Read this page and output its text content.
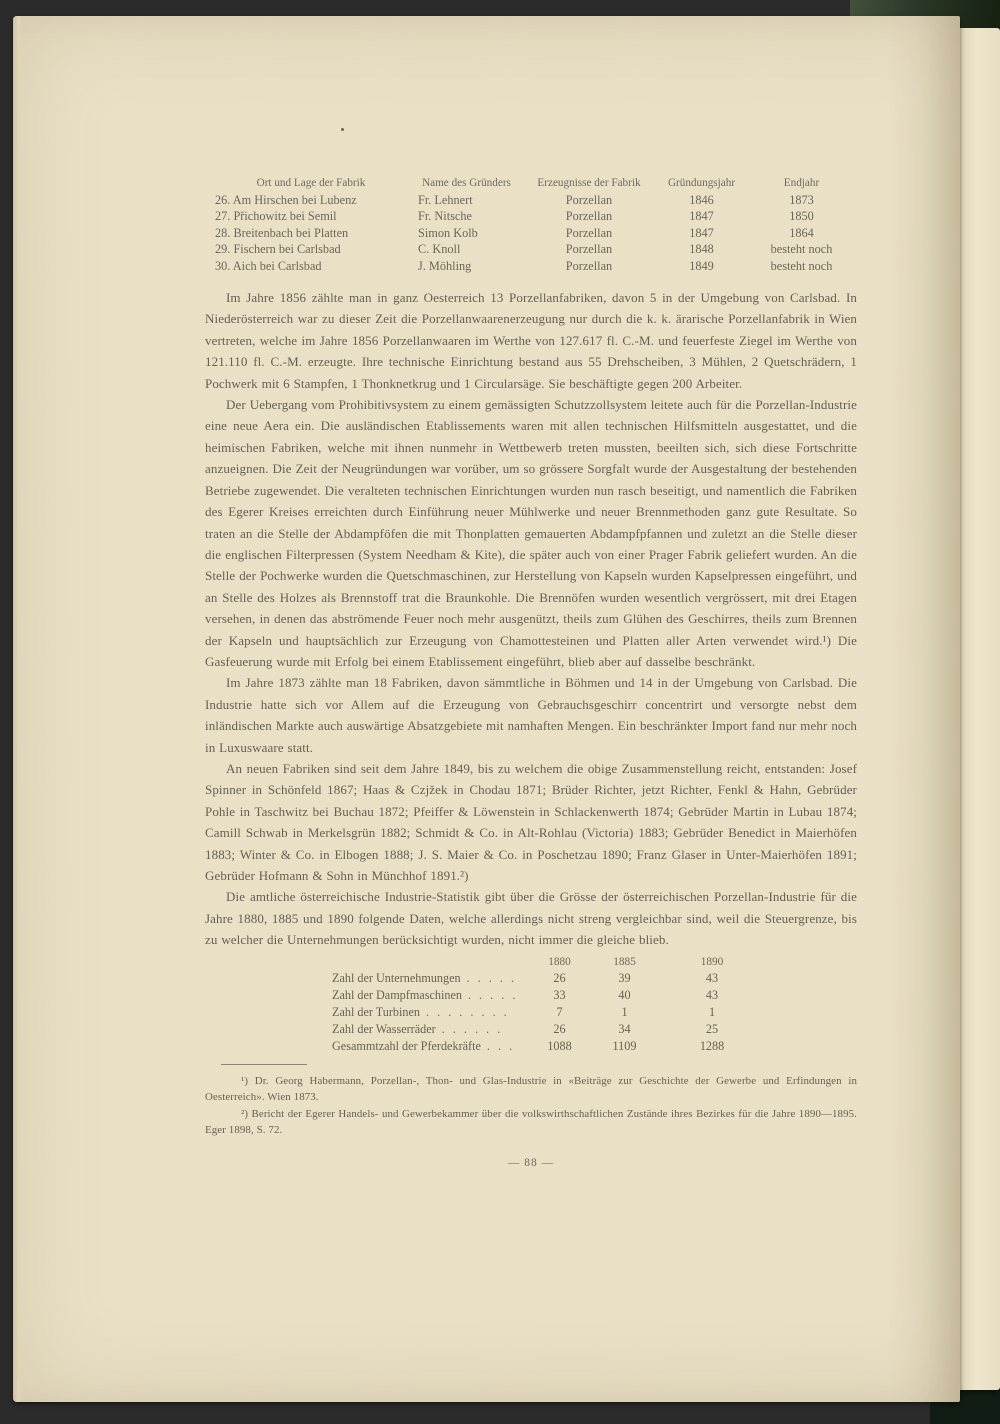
Ort und Lage der Fabrik	Name des Gründers	Erzeugnisse der Fabrik	Gründungsjahr	Endjahr
26. Am Hirschen bei Lubenz	Fr. Lehnert	Porzellan	1846	1873
27. Přichowitz bei Semil	Fr. Nitsche	Porzellan	1847	1850
28. Breitenbach bei Platten	Simon Kolb	Porzellan	1847	1864
29. Fischern bei Carlsbad	C. Knoll	Porzellan	1848	besteht noch
30. Aich bei Carlsbad	J. Möhling	Porzellan	1849	besteht noch

Im Jahre 1856 zählte man in ganz Oesterreich 13 Porzellanfabriken, davon 5 in der Umgebung von Carlsbad. In Niederösterreich war zu dieser Zeit die Porzellanwaarenerzeugung nur durch die k. k. ärarische Porzellanfabrik in Wien vertreten, welche im Jahre 1856 Porzellanwaaren im Werthe von 127.617 fl. C.-M. und feuerfeste Ziegel im Werthe von 121.110 fl. C.-M. erzeugte. Ihre technische Einrichtung bestand aus 55 Drehscheiben, 3 Mühlen, 2 Quetschrädern, 1 Pochwerk mit 6 Stampfen, 1 Thonknetkrug und 1 Circularsäge. Sie beschäftigte gegen 200 Arbeiter.

Der Uebergang vom Prohibitivsystem zu einem gemässigten Schutzzollsystem leitete auch für die Porzellan-Industrie eine neue Aera ein. Die ausländischen Etablissements waren mit allen technischen Hilfsmitteln ausgestattet, und die heimischen Fabriken, welche mit ihnen nunmehr in Wettbewerb treten mussten, beeilten sich, sich diese Fortschritte anzueignen. Die Zeit der Neugründungen war vorüber, um so grössere Sorgfalt wurde der Ausgestaltung der bestehenden Betriebe zugewendet. Die veralteten technischen Einrichtungen wurden nun rasch beseitigt, und namentlich die Fabriken des Egerer Kreises erreichten durch Einführung neuer Mühlwerke und neuer Brennmethoden ganz gute Resultate. So traten an die Stelle der Abdampföfen die mit Thonplatten gemauerten Abdampfpfannen und zuletzt an die Stelle dieser die englischen Filterpressen (System Needham & Kite), die später auch von einer Prager Fabrik geliefert wurden. An die Stelle der Pochwerke wurden die Quetschmaschinen, zur Herstellung von Kapseln wurden Kapselpressen eingeführt, und an Stelle des Holzes als Brennstoff trat die Braunkohle. Die Brennöfen wurden wesentlich vergrössert, mit drei Etagen versehen, in denen das abströmende Feuer noch mehr ausgenützt, theils zum Glühen des Geschirres, theils zum Brennen der Kapseln und hauptsächlich zur Erzeugung von Chamottesteinen und Platten aller Arten verwendet wird.¹) Die Gasfeuerung wurde mit Erfolg bei einem Etablissement eingeführt, blieb aber auf dasselbe beschränkt.

Im Jahre 1873 zählte man 18 Fabriken, davon sämmtliche in Böhmen und 14 in der Umgebung von Carlsbad. Die Industrie hatte sich vor Allem auf die Erzeugung von Gebrauchsgeschirr concentrirt und versorgte nebst dem inländischen Markte auch auswärtige Absatzgebiete mit namhaften Mengen. Ein beschränkter Import fand nur mehr noch in Luxuswaare statt.

An neuen Fabriken sind seit dem Jahre 1849, bis zu welchem die obige Zusammenstellung reicht, entstanden: Josef Spinner in Schönfeld 1867; Haas & Czjžek in Chodau 1871; Brüder Richter, jetzt Richter, Fenkl & Hahn, Gebrüder Pohle in Taschwitz bei Buchau 1872; Pfeiffer & Löwenstein in Schlackenwerth 1874; Gebrüder Martin in Lubau 1874; Camill Schwab in Merkelsgrün 1882; Schmidt & Co. in Alt-Rohlau (Victoria) 1883; Gebrüder Benedict in Maierhöfen 1883; Winter & Co. in Elbogen 1888; J. S. Maier & Co. in Poschetzau 1890; Franz Glaser in Unter-Maierhöfen 1891; Gebrüder Hofmann & Sohn in Münchhof 1891.²)

Die amtliche österreichische Industrie-Statistik gibt über die Grösse der österreichischen Porzellan-Industrie für die Jahre 1880, 1885 und 1890 folgende Daten, welche allerdings nicht streng vergleichbar sind, weil die Steuergrenze, bis zu welcher die Unternehmungen berücksichtigt wurden, nicht immer die gleiche blieb.

1880	1885	1890
Zahl der Unternehmungen . . . . .	26	39	43
Zahl der Dampfmaschinen . . . . .	33	40	43
Zahl der Turbinen . . . . . . . .	7	1	1
Zahl der Wasserräder . . . . . .	26	34	25
Gesammtzahl der Pferdekräfte . . .	1088	1109	1288

¹) Dr. Georg Habermann, Porzellan-, Thon- und Glas-Industrie in «Beiträge zur Geschichte der Gewerbe und Erfindungen in Oesterreich». Wien 1873.

²) Bericht der Egerer Handels- und Gewerbekammer über die volkswirthschaftlichen Zustände ihres Bezirkes für die Jahre 1890—1895. Eger 1898, S. 72.

— 88 —
